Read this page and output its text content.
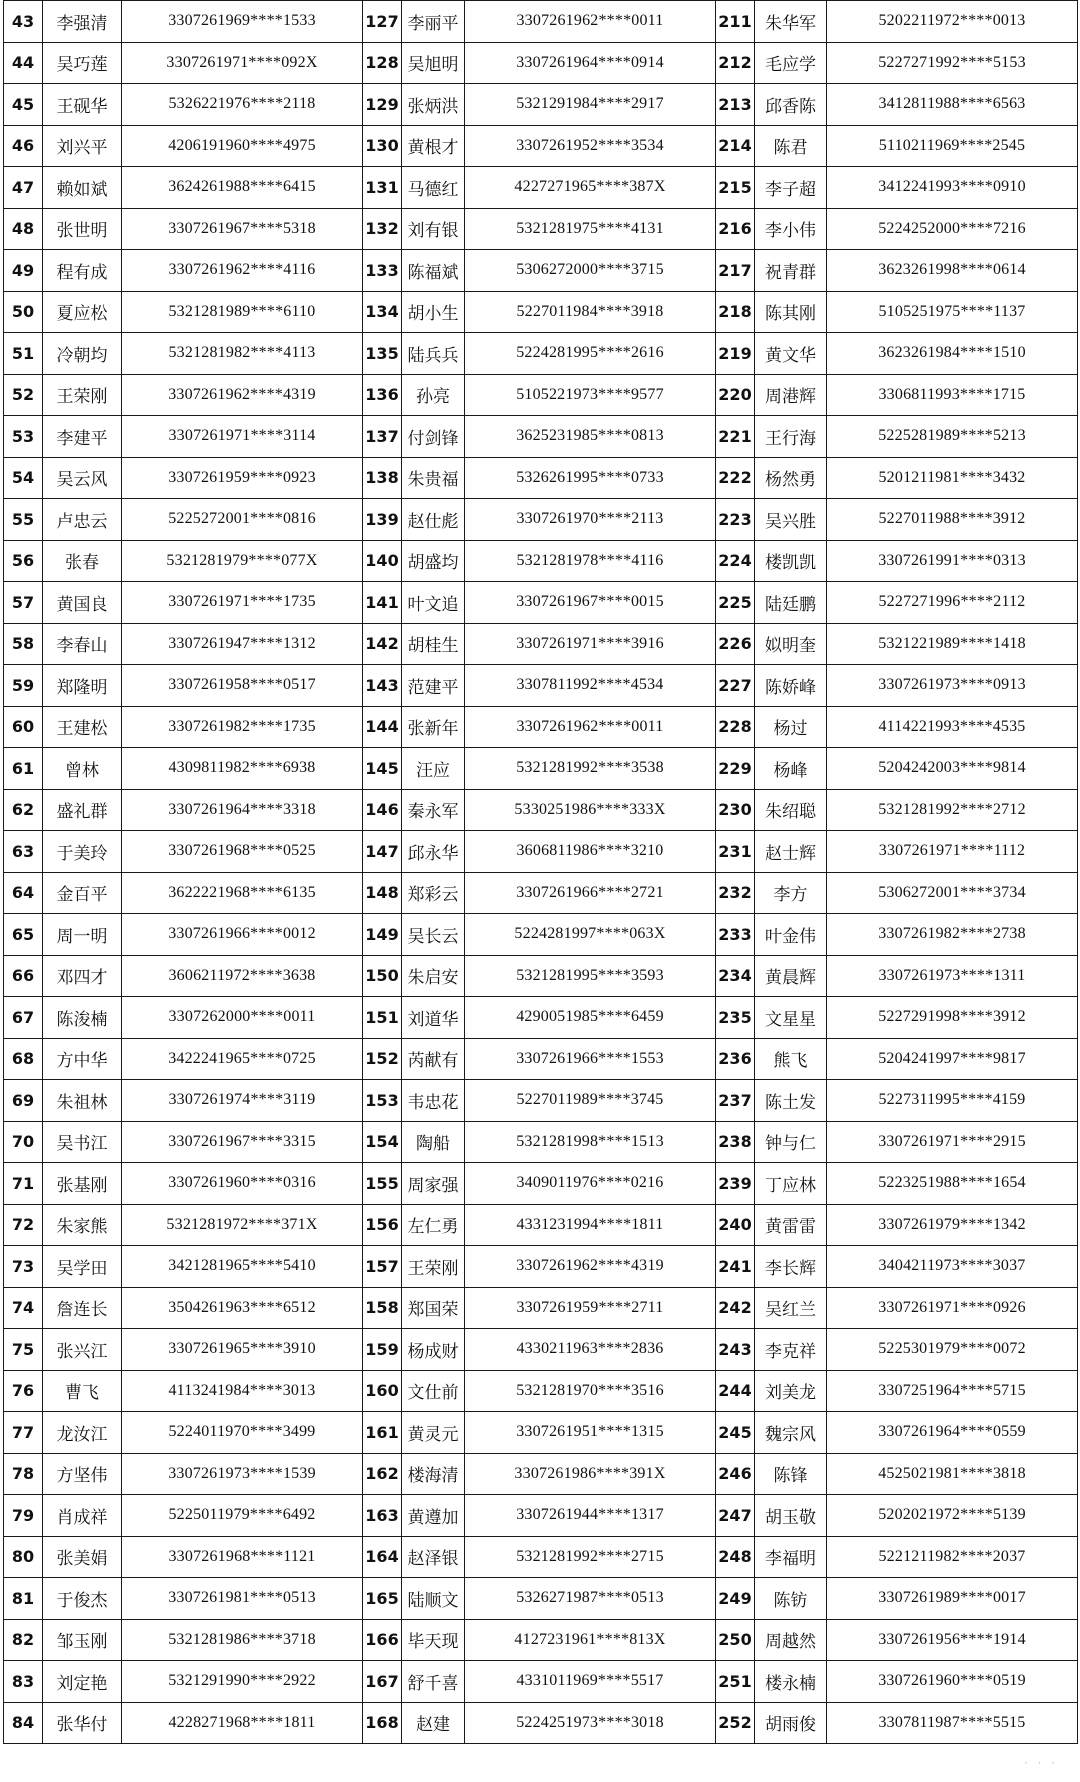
43	李强清	3307261969****1533	127	李丽平	3307261962****0011	211	朱华军	5202211972****0013
44	吴巧莲	3307261971****092X	128	吴旭明	3307261964****0914	212	毛应学	5227271992****5153
45	王砚华	5326221976****2118	129	张炳洪	5321291984****2917	213	邱香陈	3412811988****6563
46	刘兴平	4206191960****4975	130	黄根才	3307261952****3534	214	陈君	5110211969****2545
47	赖如斌	3624261988****6415	131	马德红	4227271965****387X	215	李子超	3412241993****0910
48	张世明	3307261967****5318	132	刘有银	5321281975****4131	216	李小伟	5224252000****7216
49	程有成	3307261962****4116	133	陈福斌	5306272000****3715	217	祝青群	3623261998****0614
50	夏应松	5321281989****6110	134	胡小生	5227011984****3918	218	陈其刚	5105251975****1137
51	冷朝均	5321281982****4113	135	陆兵兵	5224281995****2616	219	黄文华	3623261984****1510
52	王荣刚	3307261962****4319	136	孙亮	5105221973****9577	220	周港辉	3306811993****1715
53	李建平	3307261971****3114	137	付剑锋	3625231985****0813	221	王行海	5225281989****5213
54	吴云风	3307261959****0923	138	朱贵福	5326261995****0733	222	杨然勇	5201211981****3432
55	卢忠云	5225272001****0816	139	赵仕彪	3307261970****2113	223	吴兴胜	5227011988****3912
56	张春	5321281979****077X	140	胡盛均	5321281978****4116	224	楼凯凯	3307261991****0313
57	黄国良	3307261971****1735	141	叶文追	3307261967****0015	225	陆廷鹏	5227271996****2112
58	李春山	3307261947****1312	142	胡桂生	3307261971****3916	226	姒明奎	5321221989****1418
59	郑隆明	3307261958****0517	143	范建平	3307811992****4534	227	陈娇峰	3307261973****0913
60	王建松	3307261982****1735	144	张新年	3307261962****0011	228	杨过	4114221993****4535
61	曾林	4309811982****6938	145	汪应	5321281992****3538	229	杨峰	5204242003****9814
62	盛礼群	3307261964****3318	146	秦永军	5330251986****333X	230	朱绍聪	5321281992****2712
63	于美玲	3307261968****0525	147	邱永华	3606811986****3210	231	赵士辉	3307261971****1112
64	金百平	3622221968****6135	148	郑彩云	3307261966****2721	232	李方	5306272001****3734
65	周一明	3307261966****0012	149	吴长云	5224281997****063X	233	叶金伟	3307261982****2738
66	邓四才	3606211972****3638	150	朱启安	5321281995****3593	234	黄晨辉	3307261973****1311
67	陈浚楠	3307262000****0011	151	刘道华	4290051985****6459	235	文星星	5227291998****3912
68	方中华	3422241965****0725	152	芮献有	3307261966****1553	236	熊飞	5204241997****9817
69	朱祖林	3307261974****3119	153	韦忠花	5227011989****3745	237	陈土发	5227311995****4159
70	吴书江	3307261967****3315	154	陶船	5321281998****1513	238	钟与仁	3307261971****2915
71	张基刚	3307261960****0316	155	周家强	3409011976****0216	239	丁应林	5223251988****1654
72	朱家熊	5321281972****371X	156	左仁勇	4331231994****1811	240	黄雷雷	3307261979****1342
73	吴学田	3421281965****5410	157	王荣刚	3307261962****4319	241	李长辉	3404211973****3037
74	詹连长	3504261963****6512	158	郑国荣	3307261959****2711	242	吴红兰	3307261971****0926
75	张兴江	3307261965****3910	159	杨成财	4330211963****2836	243	李克祥	5225301979****0072
76	曹飞	4113241984****3013	160	文仕前	5321281970****3516	244	刘美龙	3307251964****5715
77	龙汝江	5224011970****3499	161	黄灵元	3307261951****1315	245	魏宗风	3307261964****0559
78	方坚伟	3307261973****1539	162	楼海清	3307261986****391X	246	陈锋	4525021981****3818
79	肖成祥	5225011979****6492	163	黄遵加	3307261944****1317	247	胡玉敬	5202021972****5139
80	张美娟	3307261968****1121	164	赵泽银	5321281992****2715	248	李福明	5221211982****2037
81	于俊杰	3307261981****0513	165	陆顺文	5326271987****0513	249	陈钫	3307261989****0017
82	邹玉刚	5321281986****3718	166	毕天现	4127231961****813X	250	周越然	3307261956****1914
83	刘定艳	5321291990****2922	167	舒千喜	4331011969****5517	251	楼永楠	3307261960****0519
84	张华付	4228271968****1811	168	赵建	5224251973****3018	252	胡雨俊	3307811987****5515
· · ·
